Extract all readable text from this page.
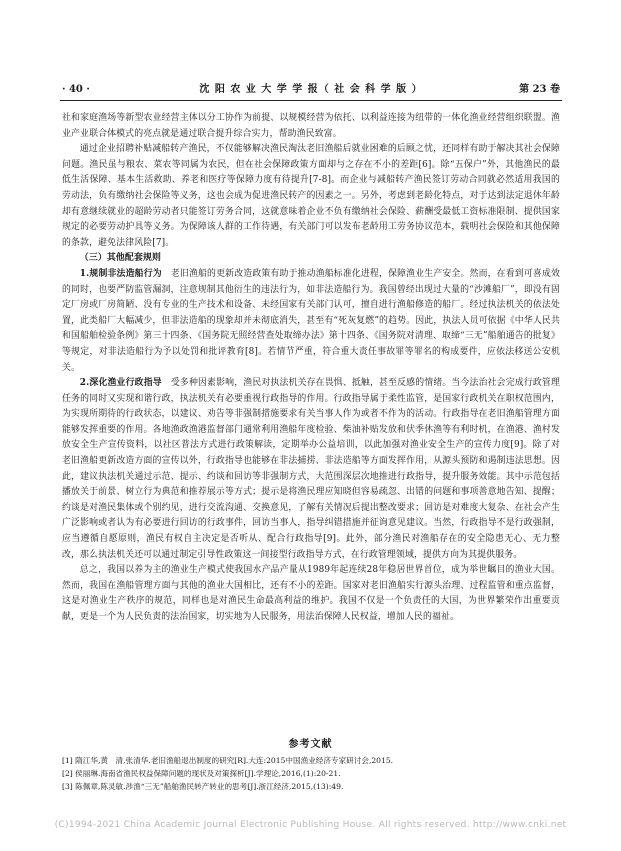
· 40 ·	沈 阳 农 业 大 学 学 报（ 社 会 科 学 版 ）	第 23 卷

社和家庭渔场等新型农业经营主体以分工协作为前提、以规模经营为依托、以利益连接为纽带的一体化渔业经营组织联盟。渔业产业联合体模式的亮点就是通过联合提升综合实力，帮助渔民致富。

通过企业招聘补贴减船转产渔民，不仅能够解决渔民淘汰老旧渔船后就业困难的后顾之忧，还同样有助于解决其社会保障问题。渔民虽与粮农、菜农等同属为农民，但在社会保障政策方面却与之存在不小的差距[6]。除“五保户”外，其他渔民的最低生活保障、基本生活救助、养老和医疗等保障力度有待提升[7-8]。而企业与减船转产渔民签订劳动合同就必然适用我国的劳动法，负有缴纳社会保险等义务，这也会成为促进渔民转产的因素之一。另外，考虑到老龄化特点，对于达到法定退休年龄却有意继续就业的超龄劳动者只能签订劳务合同，这就意味着企业不负有缴纳社会保险、薪酬受最低工资标准限制、提供国家规定的必要劳动护具等义务。为保障该人群的工作待遇，有关部门可以发布老龄用工劳务协议范本，载明社会保险和其他保障的条款，避免法律风险[7]。

（三）其他配套规则

1.规制非法造船行为　 老旧渔船的更新改造政策有助于推动渔船标准化进程，保障渔业生产安全。然而，在看到可喜成效的同时，也要严防监管漏洞，注意规制其他衍生的违法行为，如非法造船行为。我国曾经出现过大量的“沙滩船厂”，即没有固定厂房或厂房简陋、没有专业的生产技术和设备、未经国家有关部门认可，擅自进行渔船修造的船厂。经过执法机关的依法处置，此类船厂大幅减少，但非法造船的现象却并未彻底消失，甚至有“死灰复燃”的趋势。因此，执法人员可依据《中华人民共和国船舶检验条例》第三十四条、《国务院无照经营查处取缔办法》第十四条、《国务院对清理、取缔“三无”船舶通告的批复》等规定，对非法造船行为予以处罚和批评教育[8]。若情节严重，符合重大责任事故罪等罪名的构成要件，应依法移送公安机关。

2.深化渔业行政指导　 受多种因素影响，渔民对执法机关存在畏惧、抵触，甚至反感的情绪。当今法治社会完成行政管理任务的同时又实现和谐行政，执法机关有必要重视行政指导的作用。行政指导属于柔性监管，是国家行政机关在职权范围内，为实现所期待的行政状态，以建议、劝告等非强制措施要求有关当事人作为或者不作为的活动。行政指导在老旧渔船管理方面能够发挥重要的作用。各地渔政渔港监督部门通常利用渔船年度检验、柴油补贴发放和伏季休渔等有利时机，在渔港、渔村发放安全生产宣传资料，以社区普法方式进行政策解读，定期举办公益培训，以此加强对渔业安全生产的宣传力度[9]。除了对老旧渔船更新改造方面的宣传以外，行政指导也能够在非法捕捞、非法造船等方面发挥作用，从源头预防和遏制违法思想。因此，建议执法机关通过示范、提示、约谈和回访等非强制方式，大范围深层次地推进行政指导，提升服务效能。其中示范包括播放关于前景、树立行为典范和推荐展示等方式；提示是将渔民理应知晓但容易疏忽、出错的问题和事项善意地告知、提醒；约谈是对渔民集体或个别约见，进行交流沟通、交换意见，了解有关情况后提出整改要求；回访是对难度大复杂、在社会产生广泛影响或者认为有必要进行回访的行政事件，回访当事人，指导纠错措施并征询意见建议。当然，行政指导不是行政强制，应当遵循自愿原则，渔民有权自主决定是否听从、配合行政指导[9]。此外，部分渔民对渔船存在的安全隐患无心、无力整改，那么执法机关还可以通过制定引导性政策这一间接型行政指导方式，在行政管理领域，提供方向为其提供服务。

总之，我国以养为主的渔业生产模式使我国水产品产量从1989年起连续28年稳居世界首位，成为举世瞩目的渔业大国。然而，我国在渔船管理方面与其他的渔业大国相比，还有不小的差距。国家对老旧渔船实行源头治理、过程监管和重点监督，这是对渔业生产秩序的规范，同样也是对渔民生命最高利益的维护。我国不仅是一个负责任的大国，为世界繁荣作出重要贡献，更是一个为人民负责的法治国家，切实地为人民服务，用法治保障人民权益，增加人民的福祉。

参考文献
[1] 隋江华,黄　清,张清华.老旧渔船退出制度的研究[R].大连:2015中国渔业经济专家研讨会,2015.
[2] 侯丽琳.海南省渔民权益保障问题的现状及对策探析[J].学理论,2016,(1):20-21.
[3] 陈佩章,陈灵敏.渉渔“三无”船舶渔民转产转业的思考[J].浙江经济,2015,(13):49.
(C)1994-2021 China Academic Journal Electronic Publishing House. All rights reserved. http://www.cnki.net
